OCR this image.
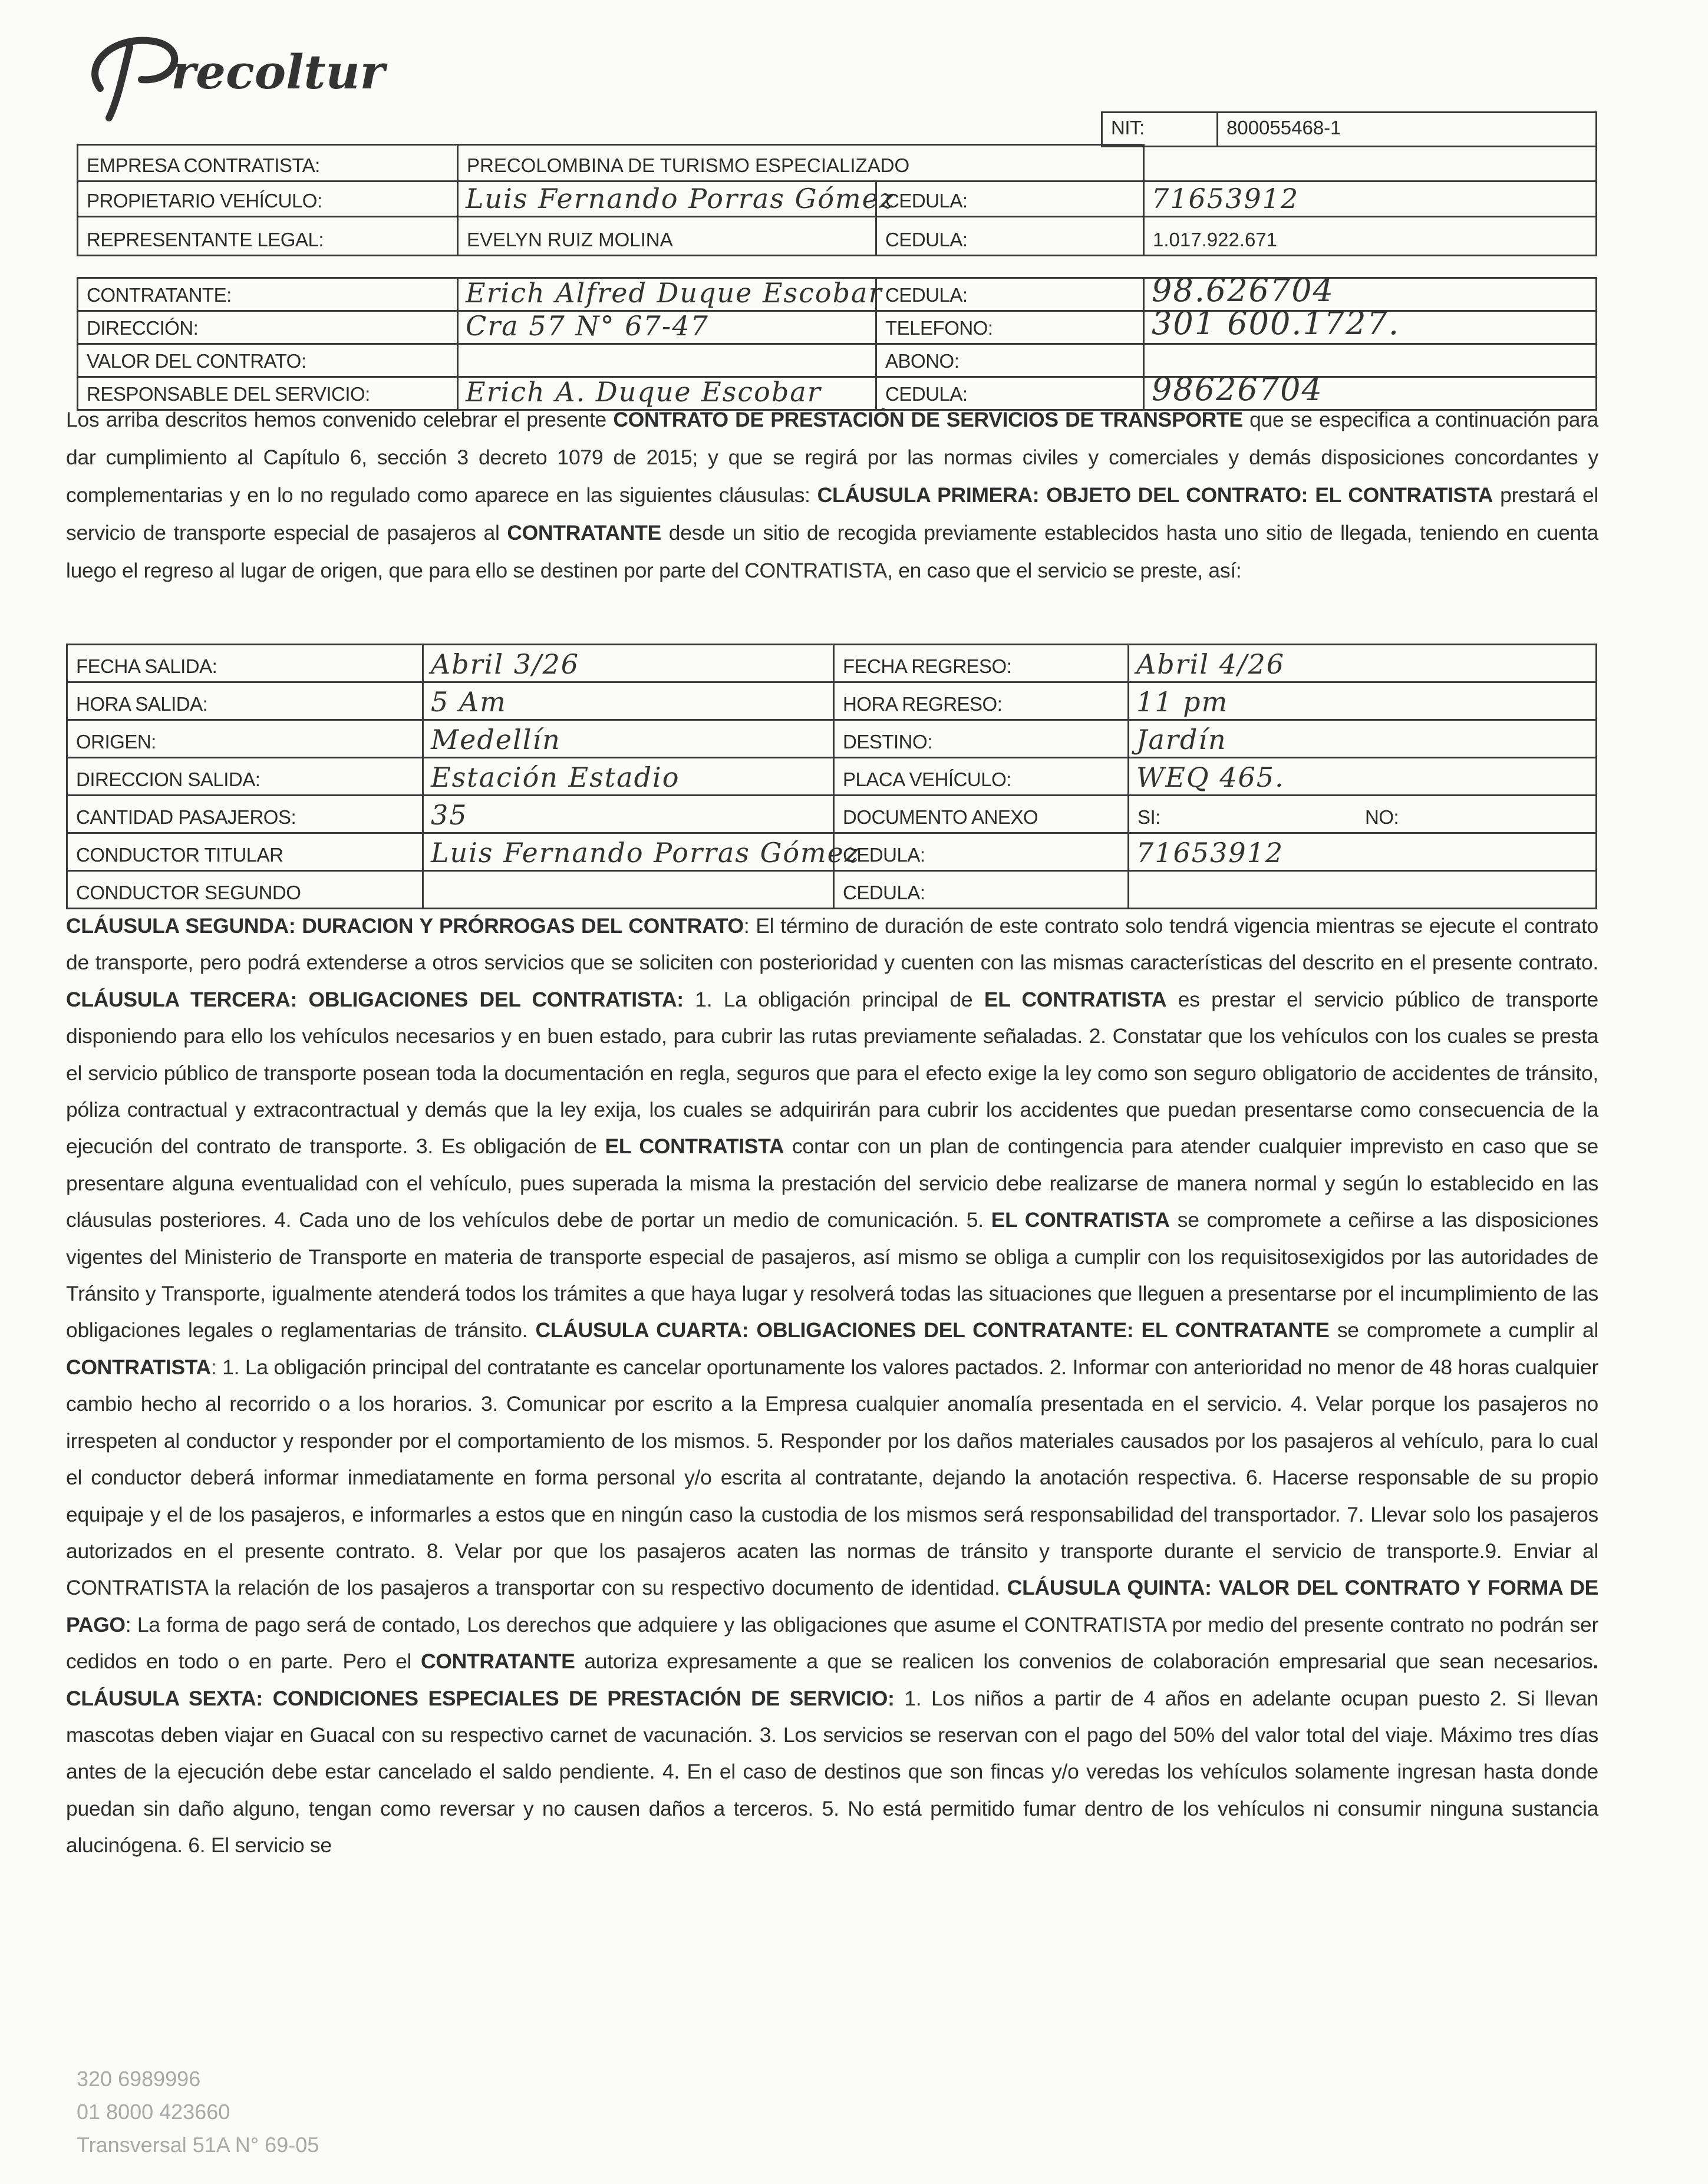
recoltur
NIT:	800055468-1
EMPRESA CONTRATISTA:	PRECOLOMBINA DE TURISMO ESPECIALIZADO		
PROPIETARIO VEHÍCULO:	Luis Fernando Porras Gómez	CEDULA:	71653912

REPRESENTANTE LEGAL:	EVELYN RUIZ MOLINA	CEDULA:	1.017.922.671
CONTRATANTE:	Erich Alfred Duque Escobar	CEDULA:	98.626704

DIRECCIÓN:	Cra 57 N° 67-47	TELEFONO:	301 600.1727.

VALOR DEL CONTRATO:		ABONO:	

RESPONSABLE DEL SERVICIO:	Erich A. Duque Escobar	CEDULA:	98626704
Los arriba descritos hemos convenido celebrar el presente CONTRATO DE PRESTACIÓN DE SERVICIOS DE TRANSPORTE que se especifica a continuación para dar cumplimiento al Capítulo 6, sección 3 decreto 1079 de 2015; y que se regirá por las normas civiles y comerciales y demás disposiciones concordantes y complementarias y en lo no regulado como aparece en las siguientes cláusulas: CLÁUSULA PRIMERA: OBJETO DEL CONTRATO: EL CONTRATISTA prestará el servicio de transporte especial de pasajeros al CONTRATANTE desde un sitio de recogida previamente establecidos hasta uno sitio de llegada, teniendo en cuenta luego el regreso al lugar de origen, que para ello se destinen por parte del CONTRATISTA, en caso que el servicio se preste, así:
FECHA SALIDA:	Abril 3/26	FECHA REGRESO:	Abril 4/26

HORA SALIDA:	5 Am	HORA REGRESO:	11 pm

ORIGEN:	Medellín	DESTINO:	Jardín

DIRECCION SALIDA:	Estación Estadio	PLACA VEHÍCULO:	WEQ 465.

CANTIDAD PASAJEROS:	35	DOCUMENTO ANEXO	SI: NO:

CONDUCTOR TITULAR	Luis Fernando Porras Gómez	CEDULA:	71653912

CONDUCTOR SEGUNDO		CEDULA:	
CLÁUSULA SEGUNDA: DURACION Y PRÓRROGAS DEL CONTRATO: El término de duración de este contrato solo tendrá vigencia mientras se ejecute el contrato de transporte, pero podrá extenderse a otros servicios que se soliciten con posterioridad y cuenten con las mismas características del descrito en el presente contrato. CLÁUSULA TERCERA: OBLIGACIONES DEL CONTRATISTA: 1. La obligación principal de EL CONTRATISTA es prestar el servicio público de transporte disponiendo para ello los vehículos necesarios y en buen estado, para cubrir las rutas previamente señaladas. 2. Constatar que los vehículos con los cuales se presta el servicio público de transporte posean toda la documentación en regla, seguros que para el efecto exige la ley como son seguro obligatorio de accidentes de tránsito, póliza contractual y extracontractual y demás que la ley exija, los cuales se adquirirán para cubrir los accidentes que puedan presentarse como consecuencia de la ejecución del contrato de transporte. 3. Es obligación de EL CONTRATISTA contar con un plan de contingencia para atender cualquier imprevisto en caso que se presentare alguna eventualidad con el vehículo, pues superada la misma la prestación del servicio debe realizarse de manera normal y según lo establecido en las cláusulas posteriores. 4. Cada uno de los vehículos debe de portar un medio de comunicación. 5. EL CONTRATISTA se compromete a ceñirse a las disposiciones vigentes del Ministerio de Transporte en materia de transporte especial de pasajeros, así mismo se obliga a cumplir con los requisitosexigidos por las autoridades de Tránsito y Transporte, igualmente atenderá todos los trámites a que haya lugar y resolverá todas las situaciones que lleguen a presentarse por el incumplimiento de las obligaciones legales o reglamentarias de tránsito. CLÁUSULA CUARTA: OBLIGACIONES DEL CONTRATANTE: EL CONTRATANTE se compromete a cumplir al CONTRATISTA: 1. La obligación principal del contratante es cancelar oportunamente los valores pactados. 2. Informar con anterioridad no menor de 48 horas cualquier cambio hecho al recorrido o a los horarios. 3. Comunicar por escrito a la Empresa cualquier anomalía presentada en el servicio. 4. Velar porque los pasajeros no irrespeten al conductor y responder por el comportamiento de los mismos. 5. Responder por los daños materiales causados por los pasajeros al vehículo, para lo cual el conductor deberá informar inmediatamente en forma personal y/o escrita al contratante, dejando la anotación respectiva. 6. Hacerse responsable de su propio equipaje y el de los pasajeros, e informarles a estos que en ningún caso la custodia de los mismos será responsabilidad del transportador. 7. Llevar solo los pasajeros autorizados en el presente contrato. 8. Velar por que los pasajeros acaten las normas de tránsito y transporte durante el servicio de transporte.9. Enviar al CONTRATISTA la relación de los pasajeros a transportar con su respectivo documento de identidad. CLÁUSULA QUINTA: VALOR DEL CONTRATO Y FORMA DE PAGO: La forma de pago será de contado, Los derechos que adquiere y las obligaciones que asume el CONTRATISTA por medio del presente contrato no podrán ser cedidos en todo o en parte. Pero el CONTRATANTE autoriza expresamente a que se realicen los convenios de colaboración empresarial que sean necesarios. CLÁUSULA SEXTA: CONDICIONES ESPECIALES DE PRESTACIÓN DE SERVICIO: 1. Los niños a partir de 4 años en adelante ocupan puesto 2. Si llevan mascotas deben viajar en Guacal con su respectivo carnet de vacunación. 3. Los servicios se reservan con el pago del 50% del valor total del viaje. Máximo tres días antes de la ejecución debe estar cancelado el saldo pendiente. 4. En el caso de destinos que son fincas y/o veredas los vehículos solamente ingresan hasta donde puedan sin daño alguno, tengan como reversar y no causen daños a terceros. 5. No está permitido fumar dentro de los vehículos ni consumir ninguna sustancia alucinógena. 6. El servicio se
320 6989996
01 8000 423660
Transversal 51A N° 69-05
